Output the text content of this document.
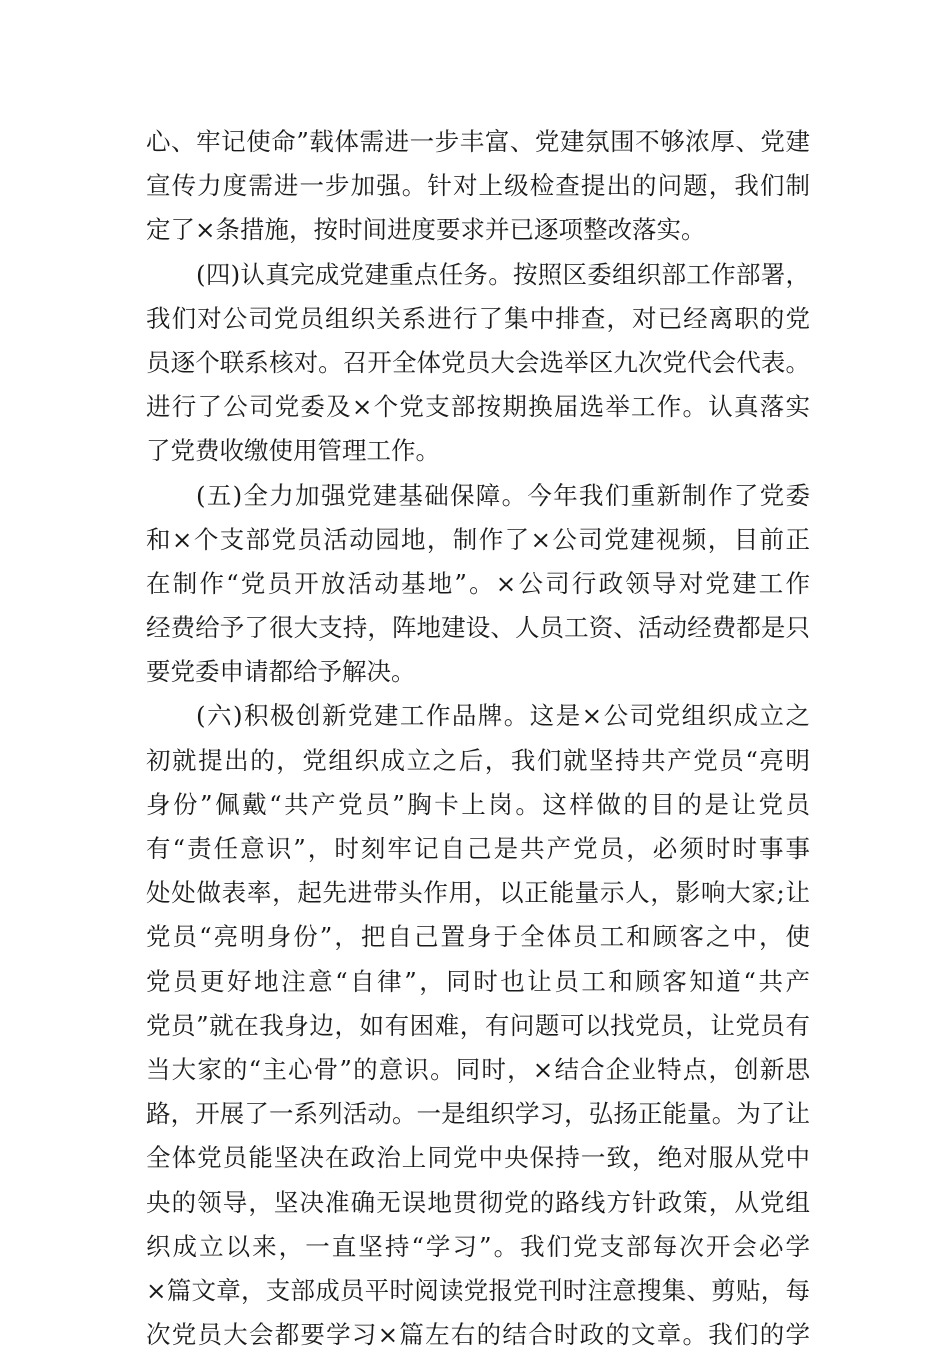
心、牢记使命”载体需进一步丰富、党建氛围不够浓厚、党建
宣传力度需进一步加强。针对上级检查提出的问题，我们制
定了×条措施，按时间进度要求并已逐项整改落实。
(四)认真完成党建重点任务。按照区委组织部工作部署，
我们对公司党员组织关系进行了集中排查，对已经离职的党
员逐个联系核对。召开全体党员大会选举区九次党代会代表。
进行了公司党委及×个党支部按期换届选举工作。认真落实
了党费收缴使用管理工作。
(五)全力加强党建基础保障。今年我们重新制作了党委
和×个支部党员活动园地，制作了×公司党建视频，目前正
在制作“党员开放活动基地”。×公司行政领导对党建工作
经费给予了很大支持，阵地建设、人员工资、活动经费都是只
要党委申请都给予解决。
(六)积极创新党建工作品牌。这是×公司党组织成立之
初就提出的，党组织成立之后，我们就坚持共产党员“亮明
身份”佩戴“共产党员”胸卡上岗。这样做的目的是让党员
有“责任意识”，时刻牢记自己是共产党员，必须时时事事
处处做表率，起先进带头作用，以正能量示人，影响大家;让
党员“亮明身份”，把自己置身于全体员工和顾客之中，使
党员更好地注意“自律”，同时也让员工和顾客知道“共产
党员”就在我身边，如有困难，有问题可以找党员，让党员有
当大家的“主心骨”的意识。同时，×结合企业特点，创新思
路，开展了一系列活动。一是组织学习，弘扬正能量。为了让
全体党员能坚决在政治上同党中央保持一致，绝对服从党中
央的领导，坚决准确无误地贯彻党的路线方针政策，从党组
织成立以来，一直坚持“学习”。我们党支部每次开会必学
×篇文章，支部成员平时阅读党报党刊时注意搜集、剪贴，每
次党员大会都要学习×篇左右的结合时政的文章。我们的学
